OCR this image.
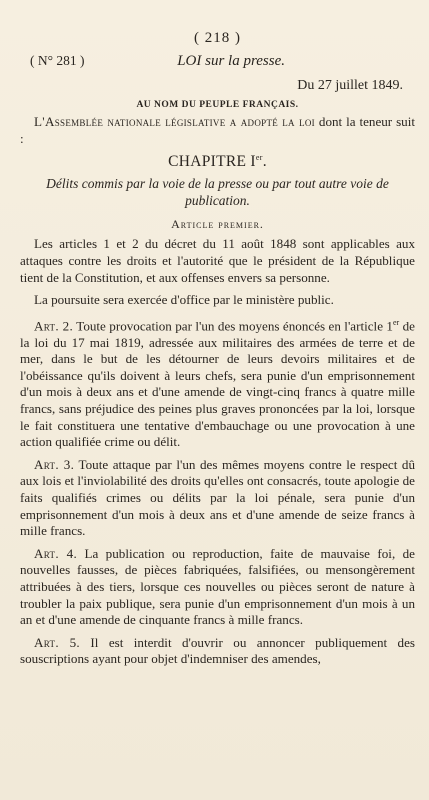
( 218 )
( N° 281 )	LOI sur la presse.
Du 27 juillet 1849.
AU NOM DU PEUPLE FRANÇAIS.

L'Assemblée nationale législative a adopté la loi dont la teneur suit :

CHAPITRE Ier.
Délits commis par la voie de la presse ou par tout autre voie de publication.
Article premier.

Les articles 1 et 2 du décret du 11 août 1848 sont applicables aux attaques contre les droits et l'autorité que le président de la République tient de la Constitution, et aux offenses envers sa personne.

La poursuite sera exercée d'office par le ministère public.

Art. 2. Toute provocation par l'un des moyens énoncés en l'article 1er de la loi du 17 mai 1819, adressée aux militaires des armées de terre et de mer, dans le but de les détourner de leurs devoirs militaires et de l'obéissance qu'ils doivent à leurs chefs, sera punie d'un emprisonnement d'un mois à deux ans et d'une amende de vingt-cinq francs à quatre mille francs, sans préjudice des peines plus graves prononcées par la loi, lorsque le fait constituera une tentative d'embauchage ou une provocation à une action qualifiée crime ou délit.

Art. 3. Toute attaque par l'un des mêmes moyens contre le respect dû aux lois et l'inviolabilité des droits qu'elles ont consacrés, toute apologie de faits qualifiés crimes ou délits par la loi pénale, sera punie d'un emprisonnement d'un mois à deux ans et d'une amende de seize francs à mille francs.

Art. 4. La publication ou reproduction, faite de mauvaise foi, de nouvelles fausses, de pièces fabriquées, falsifiées, ou mensongèrement attribuées à des tiers, lorsque ces nouvelles ou pièces seront de nature à troubler la paix publique, sera punie d'un emprisonnement d'un mois à un an et d'une amende de cinquante francs à mille francs.

Art. 5. Il est interdit d'ouvrir ou annoncer publiquement des souscriptions ayant pour objet d'indemniser des amendes,
